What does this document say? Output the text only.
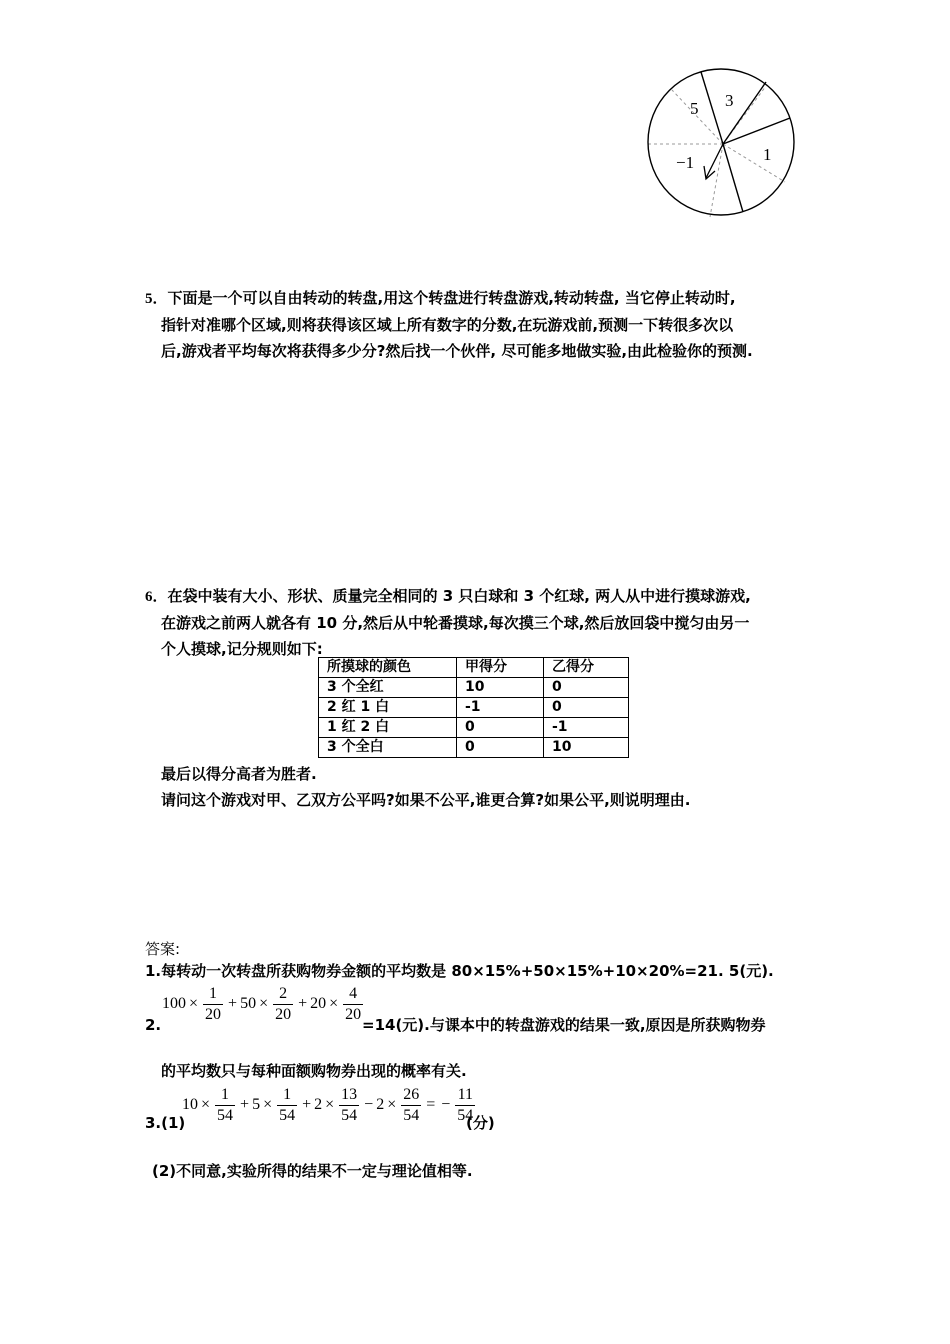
5 3
1
−1
5．下面是一个可以自由转动的转盘,用这个转盘进行转盘游戏,转动转盘, 当它停止转动时,
指针对准哪个区域,则将获得该区域上所有数字的分数,在玩游戏前,预测一下转很多次以
后,游戏者平均每次将获得多少分?然后找一个伙伴, 尽可能多地做实验,由此检验你的预测.
6．在袋中装有大小、形状、质量完全相同的 3 只白球和 3 个红球, 两人从中进行摸球游戏,
在游戏之前两人就各有 10 分,然后从中轮番摸球,每次摸三个球,然后放回袋中搅匀由另一
个人摸球,记分规则如下:
所摸球的颜色	甲得分	乙得分
3 个全红	10	0
2 红 1 白	-1	0
1 红 2 白	0	-1
3 个全白	0	10
最后以得分高者为胜者.
请问这个游戏对甲、乙双方公平吗?如果不公平,谁更合算?如果公平,则说明理由.
答案:
1.每转动一次转盘所获购物券金额的平均数是 80×15%+50×15%+10×20%=21. 5(元).
$100 \times \frac{1}{20} + 50 \times \frac{2}{20} + 20 \times \frac{4}{20}$
2.	=14(元).与课本中的转盘游戏的结果一致,原因是所获购物券
的平均数只与每种面额购物券出现的概率有关.
3.(1)
$10 \times \frac{1}{54} + 5 \times \frac{1}{54} + 2 \times \frac{13}{54} - 2 \times \frac{26}{54}$ = − $\frac{11}{54}$
(分)
(2)不同意,实验所得的结果不一定与理论值相等.
